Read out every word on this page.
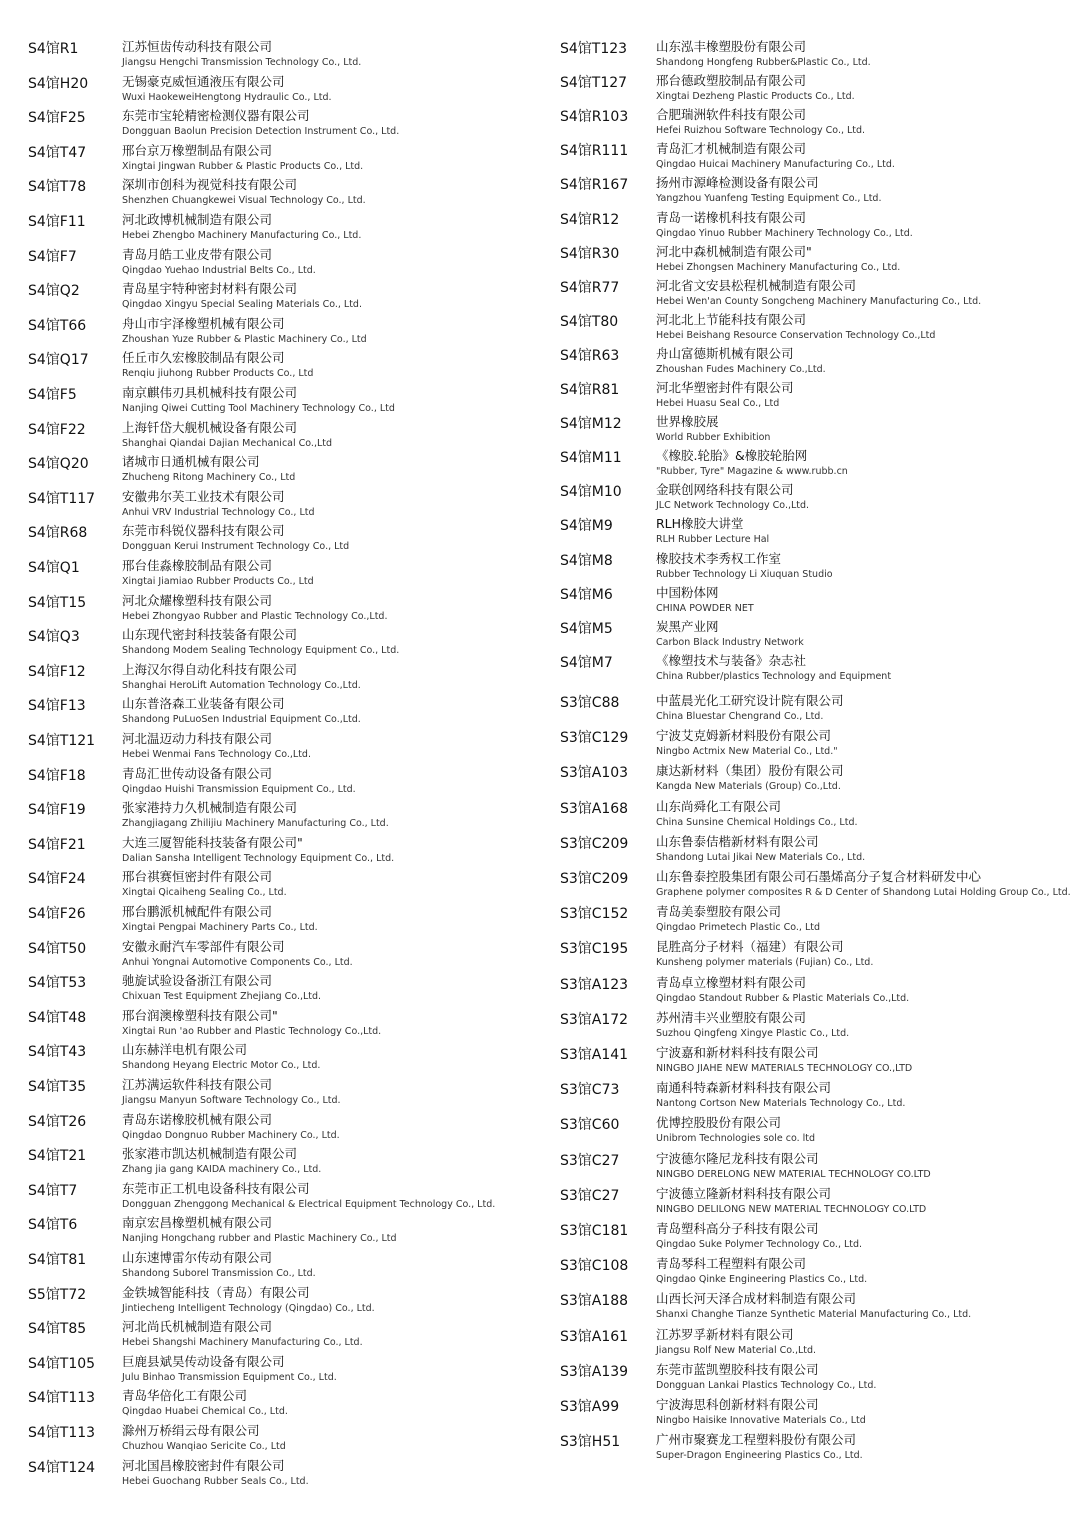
S4馆R1	江苏恒齿传动科技有限公司
Jiangsu Hengchi Transmission Technology Co., Ltd.
S4馆H20	无锡豪克威恒通液压有限公司
Wuxi HaokeweiHengtong Hydraulic Co., Ltd.
S4馆F25	东莞市宝轮精密检测仪器有限公司
Dongguan Baolun Precision Detection Instrument Co., Ltd.
S4馆T47	邢台京万橡塑制品有限公司
Xingtai Jingwan Rubber & Plastic Products Co., Ltd.
S4馆T78	深圳市创科为视觉科技有限公司
Shenzhen Chuangkewei Visual Technology Co., Ltd.
S4馆F11	河北政博机械制造有限公司
Hebei Zhengbo Machinery Manufacturing Co., Ltd.
S4馆F7	青岛月皓工业皮带有限公司
Qingdao Yuehao Industrial Belts Co., Ltd.
S4馆Q2	青岛星宇特种密封材料有限公司
Qingdao Xingyu Special Sealing Materials Co., Ltd.
S4馆T66	舟山市宇泽橡塑机械有限公司
Zhoushan Yuze Rubber & Plastic Machinery Co., Ltd
S4馆Q17	任丘市久宏橡胶制品有限公司
Renqiu jiuhong Rubber Products Co., Ltd
S4馆F5	南京麒伟刃具机械科技有限公司
Nanjing Qiwei Cutting Tool Machinery Technology Co., Ltd
S4馆F22	上海钎岱大舰机械设备有限公司
Shanghai Qiandai Dajian Mechanical Co.,Ltd
S4馆Q20	诸城市日通机械有限公司
Zhucheng Ritong Machinery Co., Ltd
S4馆T117 安徽弗尔芙工业技术有限公司
Anhui VRV Industrial Technology Co., Ltd
S4馆R68	东莞市科锐仪器科技有限公司
Dongguan Kerui Instrument Technology Co., Ltd
S4馆Q1	邢台佳淼橡胶制品有限公司
Xingtai Jiamiao Rubber Products Co., Ltd
S4馆T15	河北众耀橡塑科技有限公司
Hebei Zhongyao Rubber and Plastic Technology Co.,Ltd.
S4馆Q3	山东现代密封科技装备有限公司
Shandong Modem Sealing Technology Equipment Co., Ltd.
S4馆F12	上海汉尔得自动化科技有限公司
Shanghai HeroLift Automation Technology Co.,Ltd.
S4馆F13	山东普洛森工业装备有限公司
Shandong PuLuoSen Industrial Equipment Co.,Ltd.
S4馆T121 河北温迈动力科技有限公司
Hebei Wenmai Fans Technology Co.,Ltd.
S4馆F18	青岛汇世传动设备有限公司
Qingdao Huishi Transmission Equipment Co., Ltd.
S4馆F19	张家港持力久机械制造有限公司
Zhangjiagang Zhilijiu Machinery Manufacturing Co., Ltd.
S4馆F21	大连三厦智能科技装备有限公司"
Dalian Sansha Intelligent Technology Equipment Co., Ltd.
S4馆F24	邢台祺赛恒密封件有限公司
Xingtai Qicaiheng Sealing Co., Ltd.
S4馆F26	邢台鹏派机械配件有限公司
Xingtai Pengpai Machinery Parts Co., Ltd.
S4馆T50	安徽永耐汽车零部件有限公司
Anhui Yongnai Automotive Components Co., Ltd.
S4馆T53	驰旋试验设备浙江有限公司
Chixuan Test Equipment Zhejiang Co.,Ltd.
S4馆T48	邢台润澳橡塑科技有限公司"
Xingtai Run 'ao Rubber and Plastic Technology Co.,Ltd.
S4馆T43	山东赫洋电机有限公司
Shandong Heyang Electric Motor Co., Ltd.
S4馆T35	江苏满运软件科技有限公司
Jiangsu Manyun Software Technology Co., Ltd.
S4馆T26	青岛东诺橡胶机械有限公司
Qingdao Dongnuo Rubber Machinery Co., Ltd.
S4馆T21	张家港市凯达机械制造有限公司
Zhang jia gang KAIDA machinery Co., Ltd.
S4馆T7	东莞市正工机电设备科技有限公司
Dongguan Zhenggong Mechanical & Electrical Equipment Technology Co., Ltd.
S4馆T6	南京宏昌橡塑机械有限公司
Nanjing Hongchang rubber and Plastic Machinery Co., Ltd
S4馆T81	山东速博雷尔传动有限公司
Shandong Suborel Transmission Co., Ltd.
S5馆T72	金铁城智能科技（青岛）有限公司
Jintiecheng Intelligent Technology (Qingdao) Co., Ltd.
S4馆T85	河北尚氏机械制造有限公司
Hebei Shangshi Machinery Manufacturing Co., Ltd.
S4馆T105 巨鹿县斌昊传动设备有限公司
Julu Binhao Transmission Equipment Co., Ltd.
S4馆T113 青岛华倍化工有限公司
Qingdao Huabei Chemical Co., Ltd.
S4馆T113 滁州万桥绢云母有限公司
Chuzhou Wanqiao Sericite Co., Ltd
S4馆T124 河北国昌橡胶密封件有限公司
Hebei Guochang Rubber Seals Co., Ltd.
S4馆T123 山东泓丰橡塑股份有限公司
Shandong Hongfeng Rubber&Plastic Co., Ltd.
S4馆T127 邢台德政塑胶制品有限公司
Xingtai Dezheng Plastic Products Co., Ltd.
S4馆R103 合肥瑞洲软件科技有限公司
Hefei Ruizhou Software Technology Co., Ltd.
S4馆R111 青岛汇才机械制造有限公司
Qingdao Huicai Machinery Manufacturing Co., Ltd.
S4馆R167 扬州市源峰检测设备有限公司
Yangzhou Yuanfeng Testing Equipment Co., Ltd.
S4馆R12	青岛一诺橡机科技有限公司
Qingdao Yinuo Rubber Machinery Technology Co., Ltd.
S4馆R30	河北中森机械制造有限公司"
Hebei Zhongsen Machinery Manufacturing Co., Ltd.
S4馆R77	河北省文安县松程机械制造有限公司
Hebei Wen'an County Songcheng Machinery Manufacturing Co., Ltd.
S4馆T80	河北北上节能科技有限公司
Hebei Beishang Resource Conservation Technology Co.,Ltd
S4馆R63	舟山富德斯机械有限公司
Zhoushan Fudes Machinery Co.,Ltd.
S4馆R81	河北华塑密封件有限公司
Hebei Huasu Seal Co., Ltd
S4馆M12	世界橡胶展
World Rubber Exhibition
S4馆M11	《橡胶.轮胎》&橡胶轮胎网
"Rubber, Tyre" Magazine & www.rubb.cn
S4馆M10	金联创网络科技有限公司
JLC Network Technology Co.,Ltd.
S4馆M9	RLH橡胶大讲堂
RLH Rubber Lecture Hal
S4馆M8	橡胶技术李秀权工作室
Rubber Technology Li Xiuquan Studio
S4馆M6	中国粉体网
CHINA POWDER NET
S4馆M5	炭黑产业网
Carbon Black Industry Network
S4馆M7	《橡塑技术与装备》杂志社
China Rubber/plastics Technology and Equipment
S3馆C88	中蓝晨光化工研究设计院有限公司
China Bluestar Chengrand Co., Ltd.
S3馆C129 宁波艾克姆新材料股份有限公司
Ningbo Actmix New Material Co., Ltd."
S3馆A103 康达新材料（集团）股份有限公司
Kangda New Materials (Group) Co.,Ltd.
S3馆A168 山东尚舜化工有限公司
China Sunsine Chemical Holdings Co., Ltd.
S3馆C209 山东鲁泰佶楷新材料有限公司
Shandong Lutai Jikai New Materials Co., Ltd.
S3馆C209 山东鲁泰控股集团有限公司石墨烯高分子复合材料研发中心
Graphene polymer composites R & D Center of Shandong Lutai Holding Group Co., Ltd.
S3馆C152 青岛美泰塑胶有限公司
Qingdao Primetech Plastic Co., Ltd
S3馆C195 昆胜高分子材料（福建）有限公司
Kunsheng polymer materials (Fujian) Co., Ltd.
S3馆A123 青岛卓立橡塑材料有限公司
Qingdao Standout Rubber & Plastic Materials Co.,Ltd.
S3馆A172 苏州清丰兴业塑胶有限公司
Suzhou Qingfeng Xingye Plastic Co., Ltd.
S3馆A141 宁波嘉和新材料科技有限公司
NINGBO JIAHE NEW MATERIALS TECHNOLOGY CO.,LTD
S3馆C73	南通科特森新材料科技有限公司
Nantong Cortson New Materials Technology Co., Ltd.
S3馆C60	优博控股股份有限公司
Unibrom Technologies sole co. ltd
S3馆C27	宁波德尔隆尼龙科技有限公司
NINGBO DERELONG NEW MATERIAL TECHNOLOGY CO.LTD
S3馆C27	宁波德立隆新材料科技有限公司
NINGBO DELILONG NEW MATERIAL TECHNOLOGY CO.LTD
S3馆C181 青岛塑科高分子科技有限公司
Qingdao Suke Polymer Technology Co., Ltd.
S3馆C108 青岛琴科工程塑料有限公司
Qingdao Qinke Engineering Plastics Co., Ltd.
S3馆A188 山西长河天泽合成材料制造有限公司
Shanxi Changhe Tianze Synthetic Material Manufacturing Co., Ltd.
S3馆A161 江苏罗孚新材料有限公司
Jiangsu Rolf New Material Co.,Ltd.
S3馆A139 东莞市蓝凯塑胶科技有限公司
Dongguan Lankai Plastics Technology Co., Ltd.
S3馆A99	宁波海思科创新材料有限公司
Ningbo Haisike Innovative Materials Co., Ltd
S3馆H51	广州市聚赛龙工程塑料股份有限公司
Super-Dragon Engineering Plastics Co., Ltd.
